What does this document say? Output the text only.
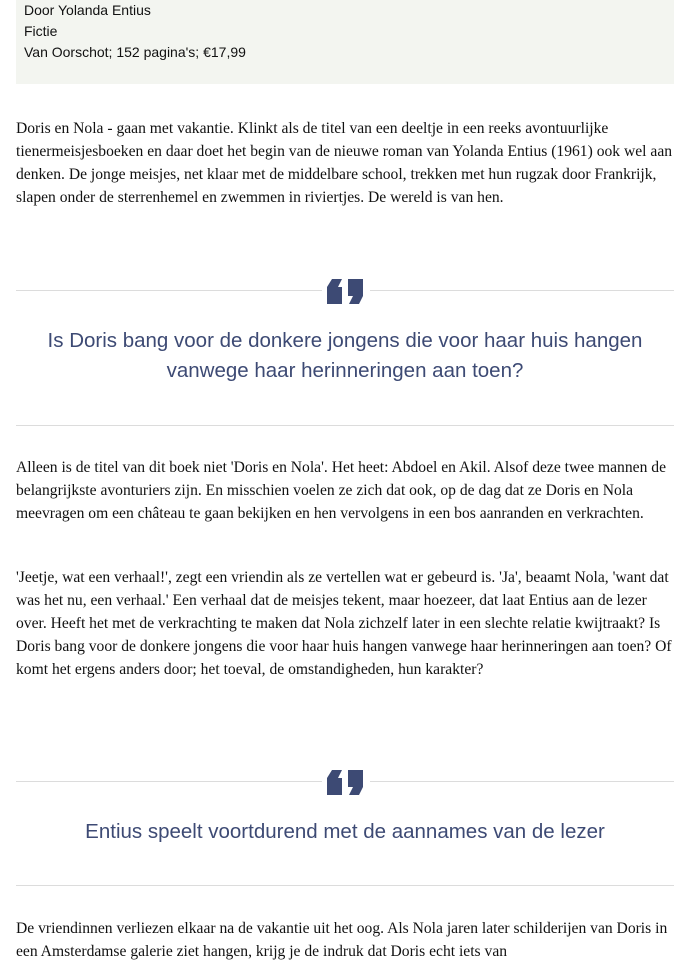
Door Yolanda Entius
Fictie
Van Oorschot; 152 pagina's; €17,99

Doris en Nola - gaan met vakantie. Klinkt als de titel van een deeltje in een reeks avontuurlijke tienermeisjesboeken en daar doet het begin van de nieuwe roman van Yolanda Entius (1961) ook wel aan denken. De jonge meisjes, net klaar met de middelbare school, trekken met hun rugzak door Frankrijk, slapen onder de sterrenhemel en zwemmen in riviertjes. De wereld is van hen.

Is Doris bang voor de donkere jongens die voor haar huis hangen vanwege haar herinneringen aan toen?

Alleen is de titel van dit boek niet 'Doris en Nola'. Het heet: Abdoel en Akil. Alsof deze twee mannen de belangrijkste avonturiers zijn. En misschien voelen ze zich dat ook, op de dag dat ze Doris en Nola meevragen om een château te gaan bekijken en hen vervolgens in een bos aanranden en verkrachten.

'Jeetje, wat een verhaal!', zegt een vriendin als ze vertellen wat er gebeurd is. 'Ja', beaamt Nola, 'want dat was het nu, een verhaal.' Een verhaal dat de meisjes tekent, maar hoezeer, dat laat Entius aan de lezer over. Heeft het met de verkrachting te maken dat Nola zichzelf later in een slechte relatie kwijtraakt? Is Doris bang voor de donkere jongens die voor haar huis hangen vanwege haar herinneringen aan toen? Of komt het ergens anders door; het toeval, de omstandigheden, hun karakter?

Entius speelt voortdurend met de aannames van de lezer

De vriendinnen verliezen elkaar na de vakantie uit het oog. Als Nola jaren later schilderijen van Doris in een Amsterdamse galerie ziet hangen, krijg je de indruk dat Doris echt iets van
